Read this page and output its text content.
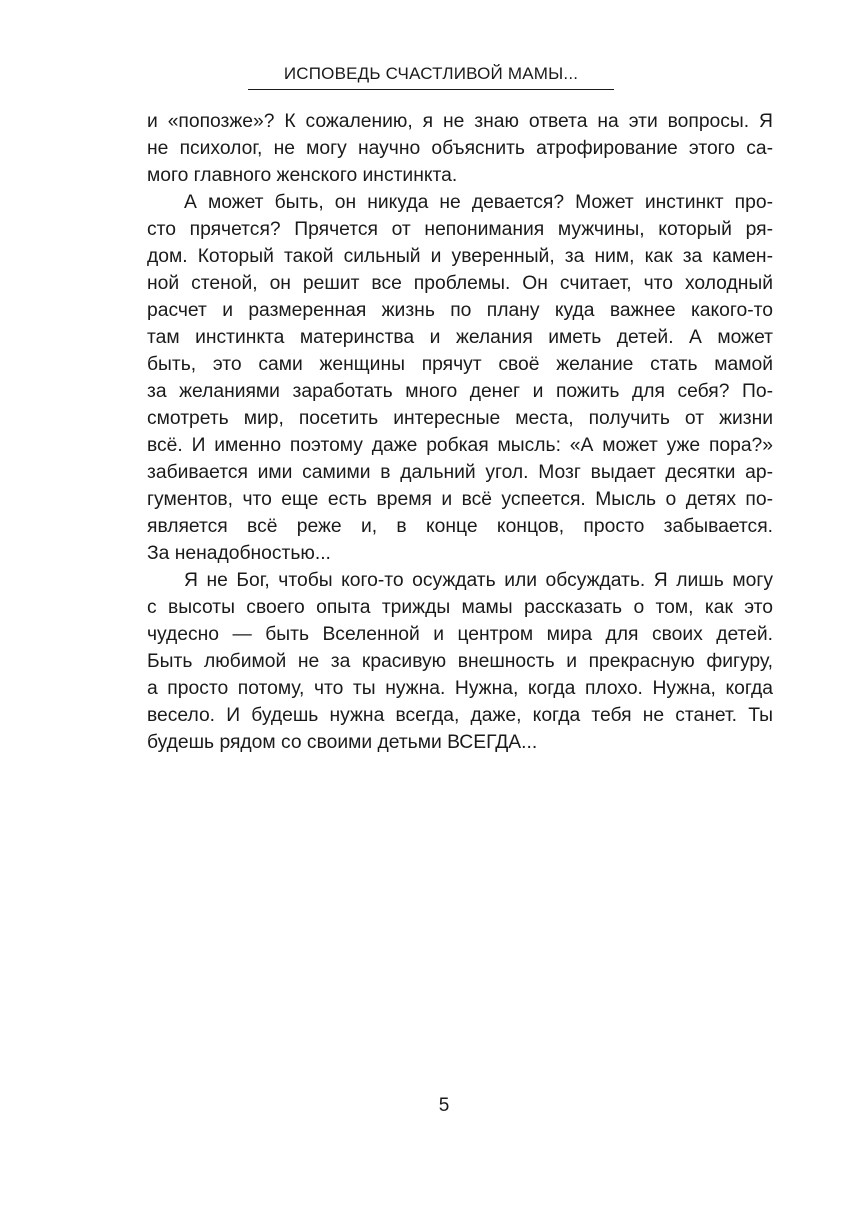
ИСПОВЕДЬ СЧАСТЛИВОЙ МАМЫ...
и «попозже»? К сожалению, я не знаю ответа на эти вопросы. Я
не психолог, не могу научно объяснить атрофирование этого са-
мого главного женского инстинкта.
А может быть, он никуда не девается? Может инстинкт про-
сто прячется? Прячется от непонимания мужчины, который ря-
дом. Который такой сильный и уверенный, за ним, как за камен-
ной стеной, он решит все проблемы. Он считает, что холодный
расчет и размеренная жизнь по плану куда важнее какого-то
там инстинкта материнства и желания иметь детей. А может
быть, это сами женщины прячут своё желание стать мамой
за желаниями заработать много денег и пожить для себя? По-
смотреть мир, посетить интересные места, получить от жизни
всё. И именно поэтому даже робкая мысль: «А может уже пора?»
забивается ими самими в дальний угол. Мозг выдает десятки ар-
гументов, что еще есть время и всё успеется. Мысль о детях по-
является всё реже и, в конце концов, просто забывается.
За ненадобностью...
Я не Бог, чтобы кого-то осуждать или обсуждать. Я лишь могу
с высоты своего опыта трижды мамы рассказать о том, как это
чудесно — быть Вселенной и центром мира для своих детей.
Быть любимой не за красивую внешность и прекрасную фигуру,
а просто потому, что ты нужна. Нужна, когда плохо. Нужна, когда
весело. И будешь нужна всегда, даже, когда тебя не станет. Ты
будешь рядом со своими детьми ВСЕГДА...
5
